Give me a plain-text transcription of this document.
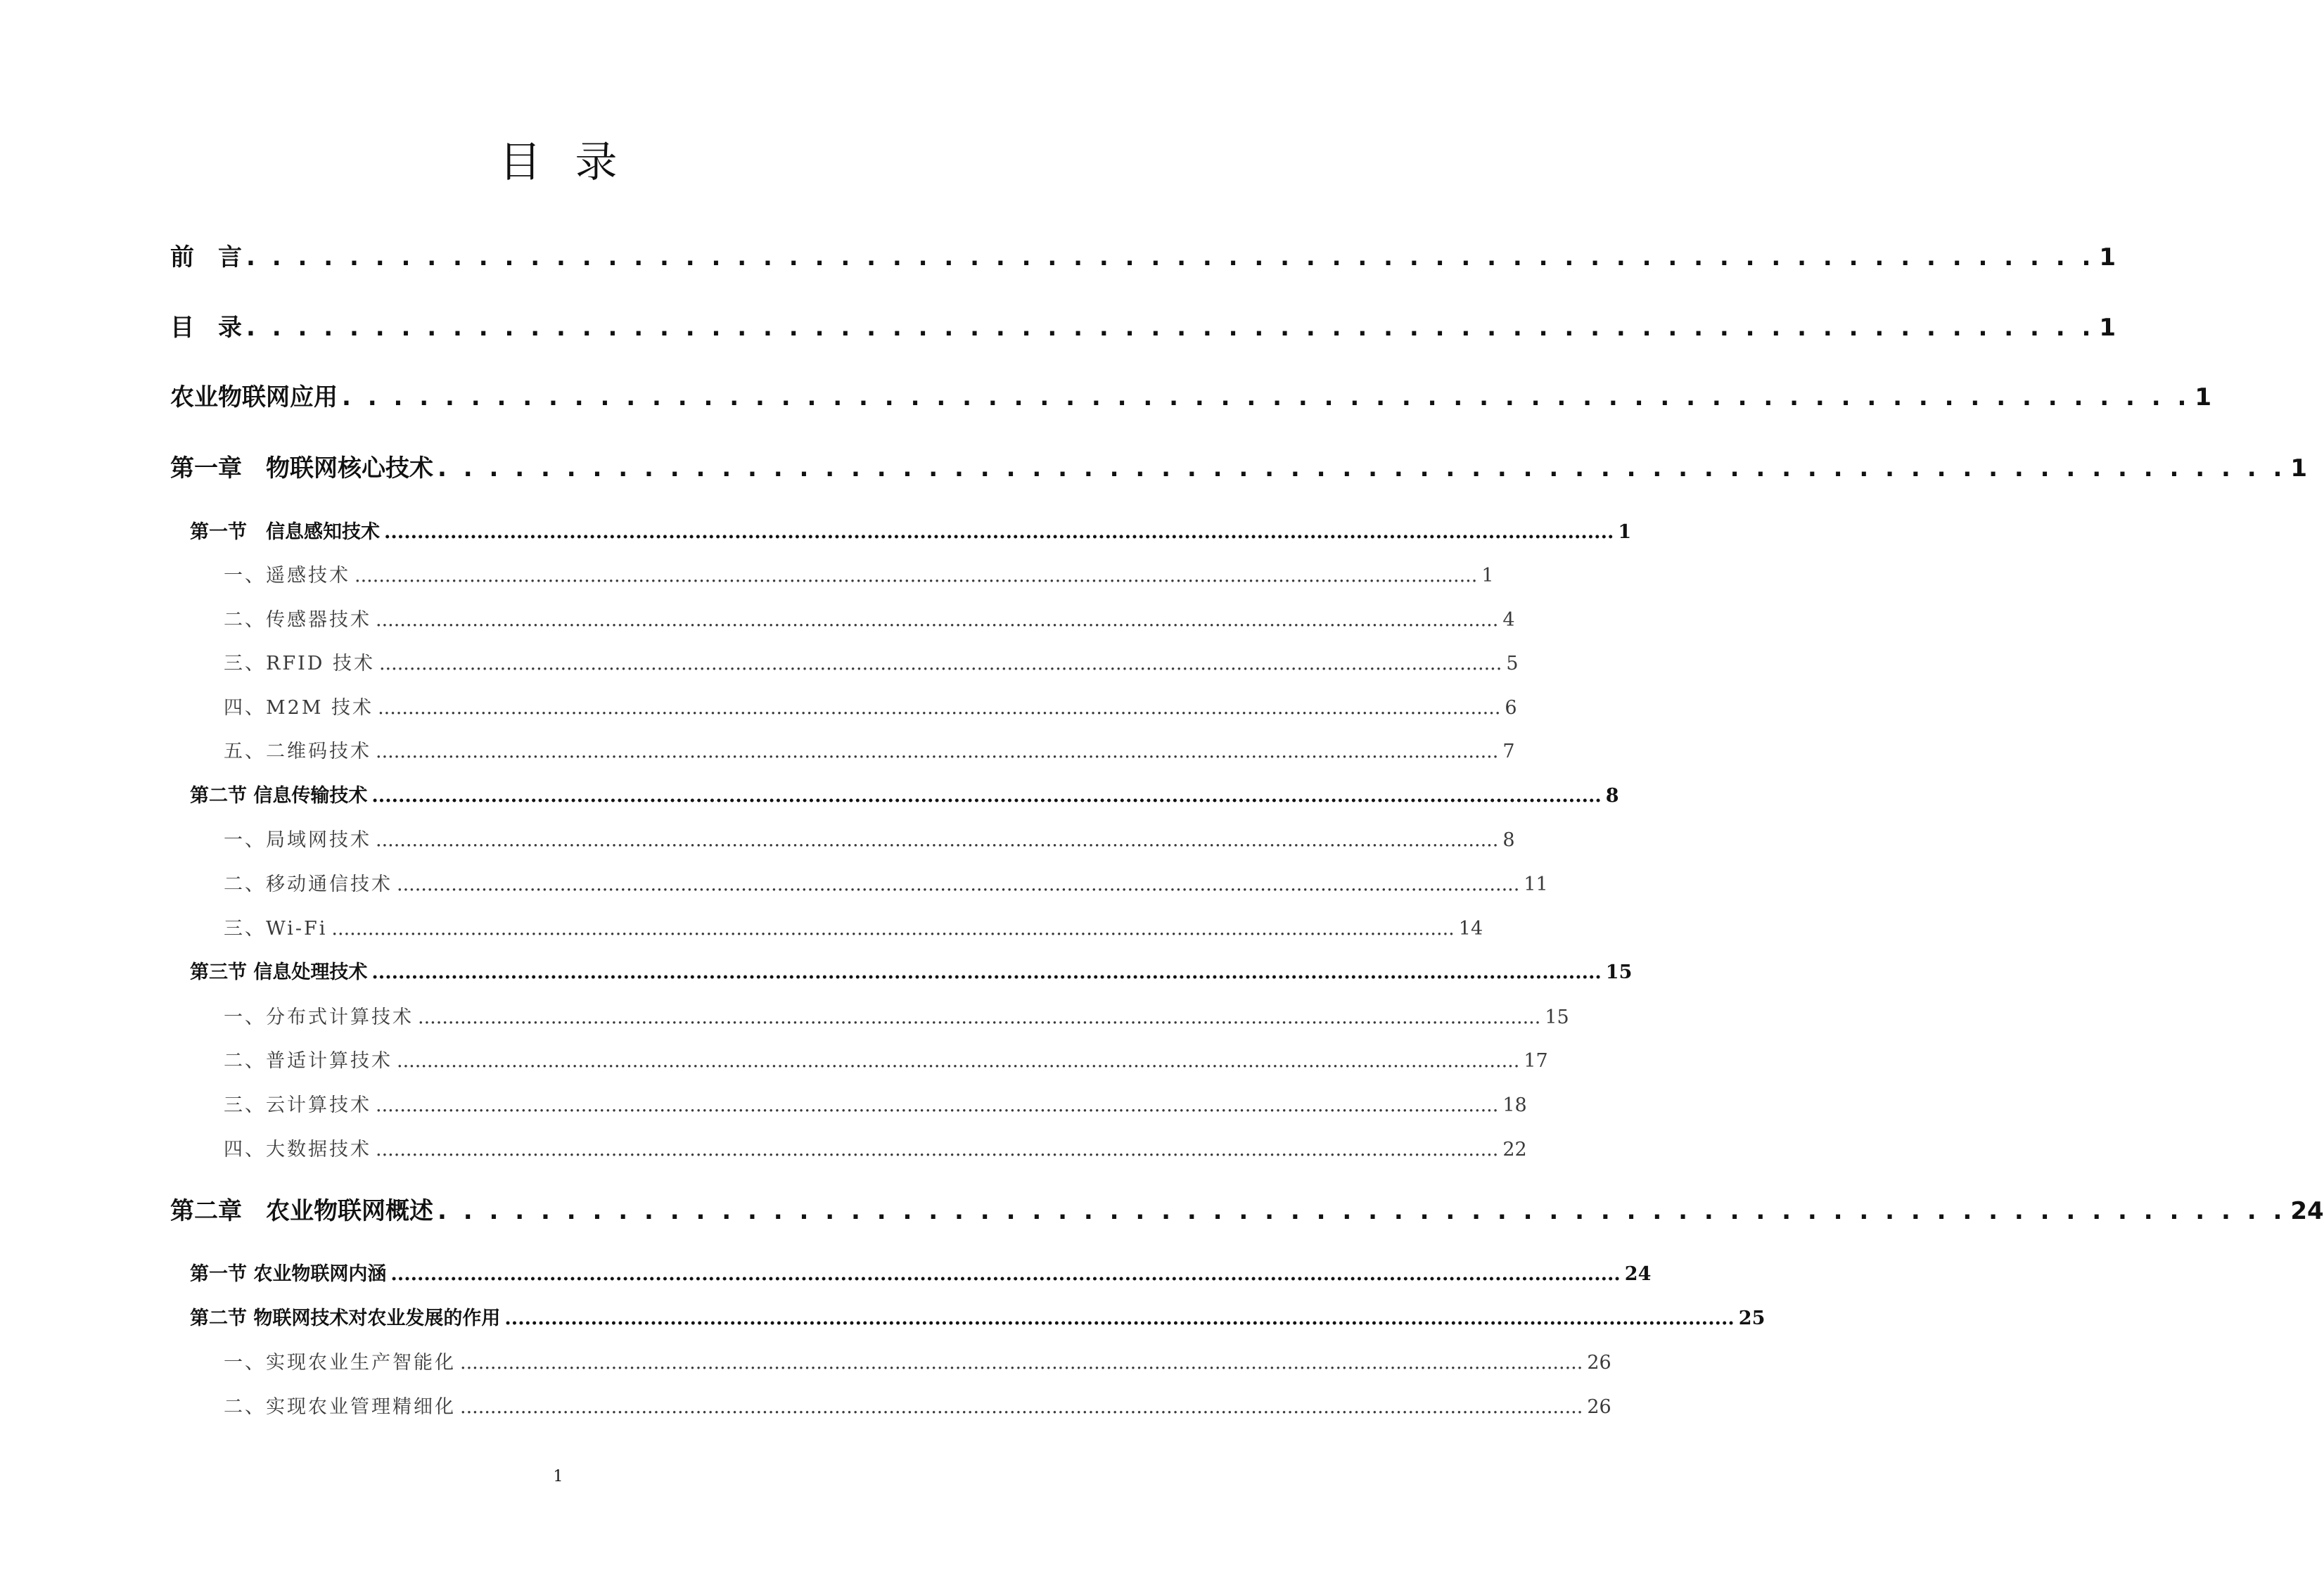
目录
前　言 . . . . . . . . . . . . . . . . . . . . . . . . . . . . . . . . . . . . . . . . . . . . . . . . . . . . . . . . . . . . . . . . . . . . . . . . 1
目　录 . . . . . . . . . . . . . . . . . . . . . . . . . . . . . . . . . . . . . . . . . . . . . . . . . . . . . . . . . . . . . . . . . . . . . . . . 1
农业物联网应用 . . . . . . . . . . . . . . . . . . . . . . . . . . . . . . . . . . . . . . . . . . . . . . . . . . . . . . . . . . . . . . . . . . . . . . . . 1
第一章　物联网核心技术 . . . . . . . . . . . . . . . . . . . . . . . . . . . . . . . . . . . . . . . . . . . . . . . . . . . . . . . . . . . . . . . . . . . . . . . . 1
第一节　信息感知技术 .......................................................................................................................................................................................... 1
一、遥感技术 .......................................................................................................................................................................................... 1
二、传感器技术 .......................................................................................................................................................................................... 4
三、RFID 技术 .......................................................................................................................................................................................... 5
四、M2M 技术 .......................................................................................................................................................................................... 6
五、二维码技术 .......................................................................................................................................................................................... 7
第二节 信息传输技术 .......................................................................................................................................................................................... 8
一、局域网技术 .......................................................................................................................................................................................... 8
二、移动通信技术 .......................................................................................................................................................................................... 11
三、Wi-Fi .......................................................................................................................................................................................... 14
第三节 信息处理技术 .......................................................................................................................................................................................... 15
一、分布式计算技术 .......................................................................................................................................................................................... 15
二、普适计算技术 .......................................................................................................................................................................................... 17
三、云计算技术 .......................................................................................................................................................................................... 18
四、大数据技术 .......................................................................................................................................................................................... 22
第二章　农业物联网概述 . . . . . . . . . . . . . . . . . . . . . . . . . . . . . . . . . . . . . . . . . . . . . . . . . . . . . . . . . . . . . . . . . . . . . . . . 24
第一节 农业物联网内涵 .......................................................................................................................................................................................... 24
第二节 物联网技术对农业发展的作用 .......................................................................................................................................................................................... 25
一、实现农业生产智能化 .......................................................................................................................................................................................... 26
二、实现农业管理精细化 .......................................................................................................................................................................................... 26
1
